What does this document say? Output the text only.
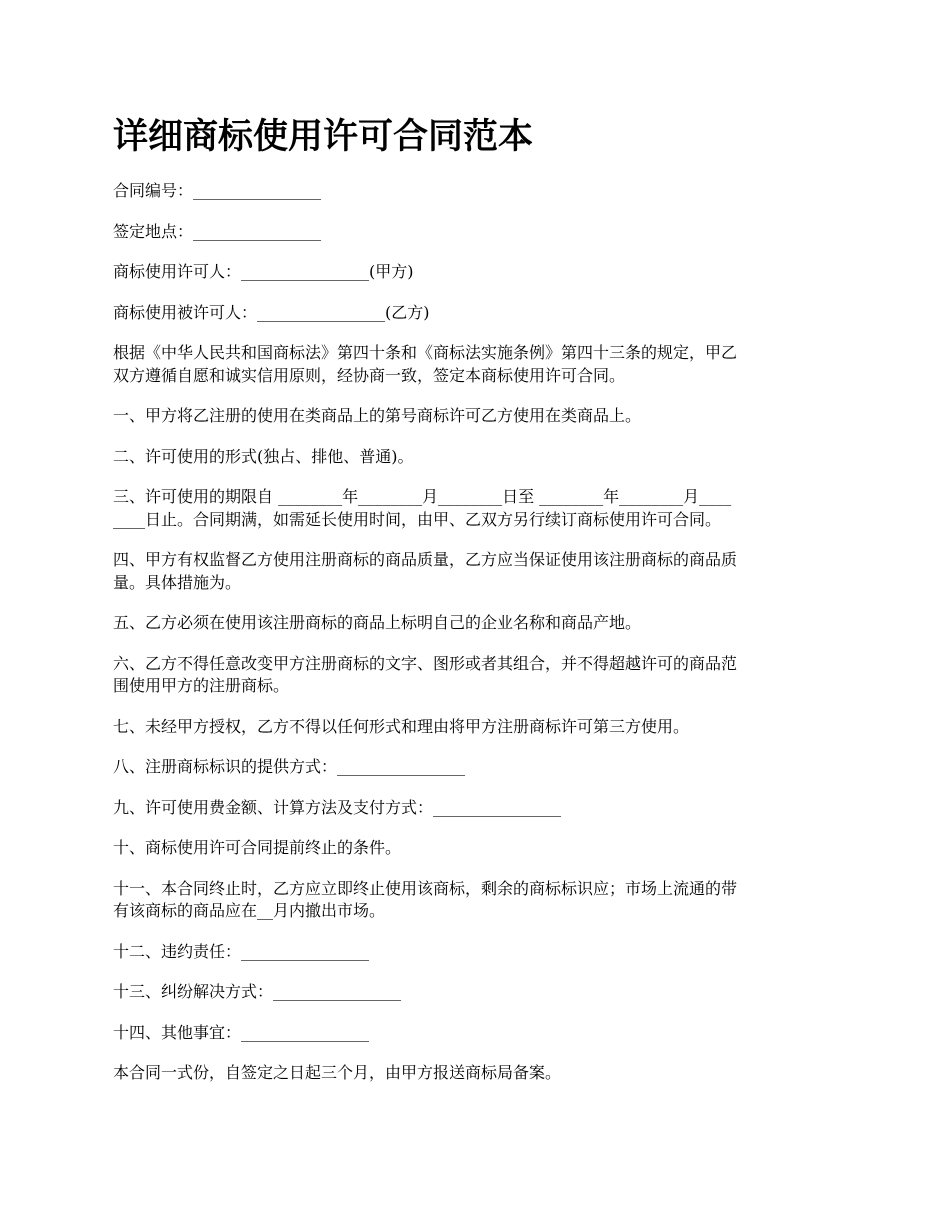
详细商标使用许可合同范本

合同编号：________________

签定地点：________________

商标使用许可人：________________(甲方)

商标使用被许可人：________________(乙方)

根据《中华人民共和国商标法》第四十条和《商标法实施条例》第四十三条的规定，甲乙
双方遵循自愿和诚实信用原则，经协商一致，签定本商标使用许可合同。

一、甲方将乙注册的使用在类商品上的第号商标许可乙方使用在类商品上。

二、许可使用的形式(独占、排他、普通)。

三、许可使用的期限自 ________年________月________日至 ________年________月____
____日止。合同期满，如需延长使用时间，由甲、乙双方另行续订商标使用许可合同。

四、甲方有权监督乙方使用注册商标的商品质量，乙方应当保证使用该注册商标的商品质
量。具体措施为。

五、乙方必须在使用该注册商标的商品上标明自己的企业名称和商品产地。

六、乙方不得任意改变甲方注册商标的文字、图形或者其组合，并不得超越许可的商品范
围使用甲方的注册商标。

七、未经甲方授权，乙方不得以任何形式和理由将甲方注册商标许可第三方使用。

八、注册商标标识的提供方式：________________

九、许可使用费金额、计算方法及支付方式：________________

十、商标使用许可合同提前终止的条件。

十一、本合同终止时，乙方应立即终止使用该商标，剩余的商标标识应；市场上流通的带
有该商标的商品应在__月内撤出市场。

十二、违约责任：________________

十三、纠纷解决方式：________________

十四、其他事宜：________________

本合同一式份，自签定之日起三个月，由甲方报送商标局备案。
